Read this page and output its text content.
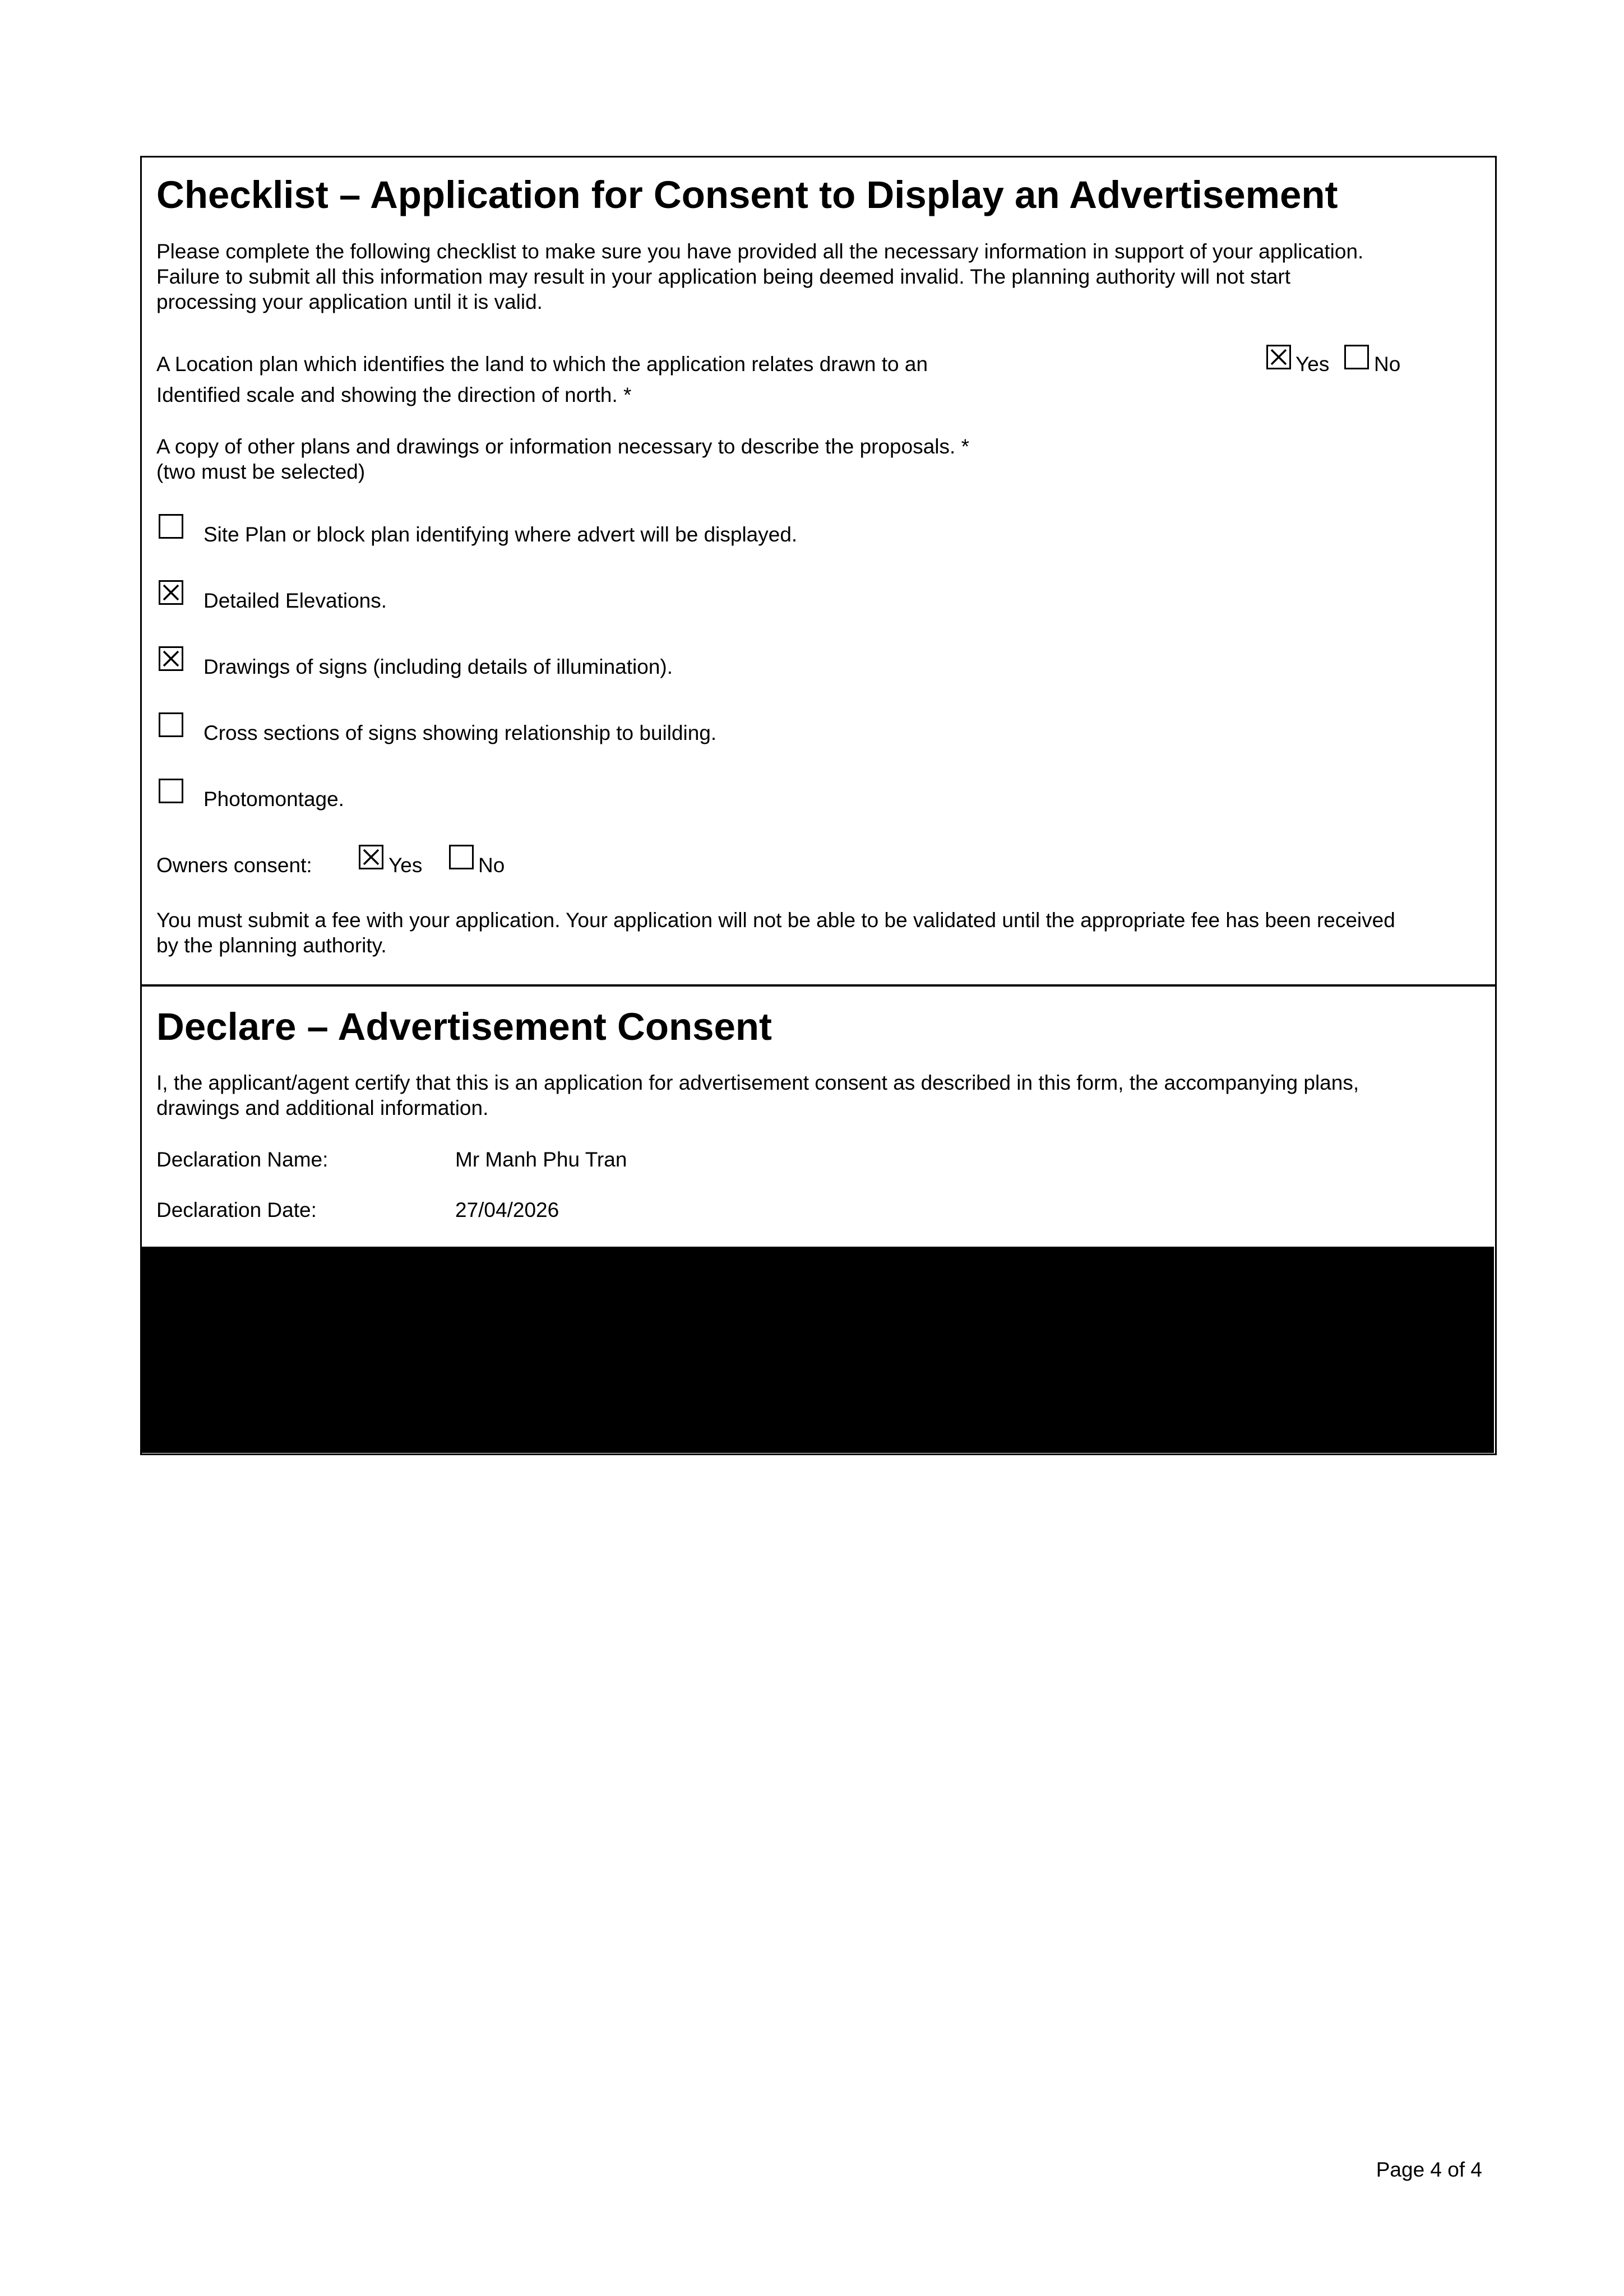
Checklist – Application for Consent to Display an Advertisement
Please complete the following checklist to make sure you have provided all the necessary information in support of your application.
Failure to submit all this information may result in your application being deemed invalid. The planning authority will not start
processing your application until it is valid.
A Location plan which identifies the land to which the application relates drawn to an
Identified scale and showing the direction of north. *
Yes No
A copy of other plans and drawings or information necessary to describe the proposals. *
(two must be selected)
Site Plan or block plan identifying where advert will be displayed.
Detailed Elevations.
Drawings of signs (including details of illumination).
Cross sections of signs showing relationship to building.
Photomontage.
Owners consent:	Yes	No
You must submit a fee with your application. Your application will not be able to be validated until the appropriate fee has been received
by the planning authority.
Declare – Advertisement Consent
I, the applicant/agent certify that this is an application for advertisement consent as described in this form, the accompanying plans,
drawings and additional information.
Declaration Name:	Mr Manh Phu Tran
Declaration Date:	27/04/2026
Page 4 of 4
